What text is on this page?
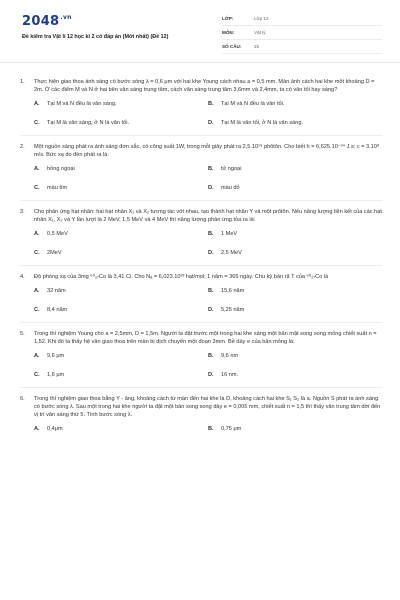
$2048^{.vn}$
Đề kiểm tra Vật lí 12 học kì 2 có đáp án (Mới nhất) (Đề 12)
LỚP:	Lớp 12
MÔN:	Vật lý
SỐ CÂU:	25
1.	Thực hiện giao thoa ánh sáng có bước sóng λ = 0,6 μm với hai khe Young cách nhau a = 0,5 mm. Màn ảnh cách hai khe một khoảng D = 2m. Ở các điểm M và N ở hai bên vân sáng trung tâm, cách vân sáng trung tâm 3,6mm và 2,4mm, ta có vân tối hay sáng?
A.	Tại M và N đều là vân sáng.	B.	Tại M và N đều là vân tối.
C.	Tại M là vân sáng, ở N là vân tối.	D.	Tại M là vân tối, ở N là vân sáng.
2.	Một nguồn sáng phát ra ánh sáng đơn sắc, có công suất 1W, trong mỗi giây phát ra 2,5.10¹⁹ phôtôn. Cho biết h = 6,625.10⁻³⁴ J.s; c = 3.10⁸ m/s. Bức xạ do đèn phát ra là:
A.	hồng ngoại	B.	tử ngoại
C.	màu tím	D.	màu đỏ
3.	Cho phản ứng hạt nhân: hai hạt nhân X₁ và X₂ tương tác với nhau, tạo thành hạt nhân Y và một prôtôn. Nếu năng lượng liên kết của các hạt nhân X₁, X₂ và Y lần lượt là 2 MeV, 1,5 MeV và 4 MeV thì năng lượng phản ứng tỏa ra là:
A.	0,5 MeV	B.	1 MeV
C.	2MeV	D.	2,5 MeV
4.	Độ phóng xạ của 3mg ⁶⁰₂₇Co là 3,41 Ci. Cho Nₐ = 6,023.10²³ hạt/mol; 1 năm = 365 ngày. Chu kỳ bán rã T của ⁶⁰₂₇Co là
A.	32 năm	B.	15,6 năm
C.	8,4 năm	D.	5,25 năm
5.	Trong thí nghiệm Young cho a = 2,5mm, D = 1,5m. Người ta đặt trước một trong hai khe sáng một bản mặt song song mỏng chiết suất n = 1,52. Khi đó ta thấy hệ vân giao thoa trên màn bị dịch chuyển một đoạn 3mm. Bề dày e của bản mỏng là:
A.	9,6 μm	B.	9,6 nm
C.	1,6 μm	D.	16 nm.
6.	Trong thí nghiệm giao thoa bằng Y - âng, khoảng cách từ màn đến hai khe là D, khoảng cách hai khe S₁ S₂ là a. Nguồn S phát ra ánh sáng có bước sóng λ. Sau một trong hai khe người ta đặt một bản song song dày e = 0,005 mm, chiết xuất n = 1,5 thì thấy vân trung tâm dời đến vị trí vân sáng thứ 5. Tính bước sóng λ.
A.	0,4μm	B.	0,75 μm
